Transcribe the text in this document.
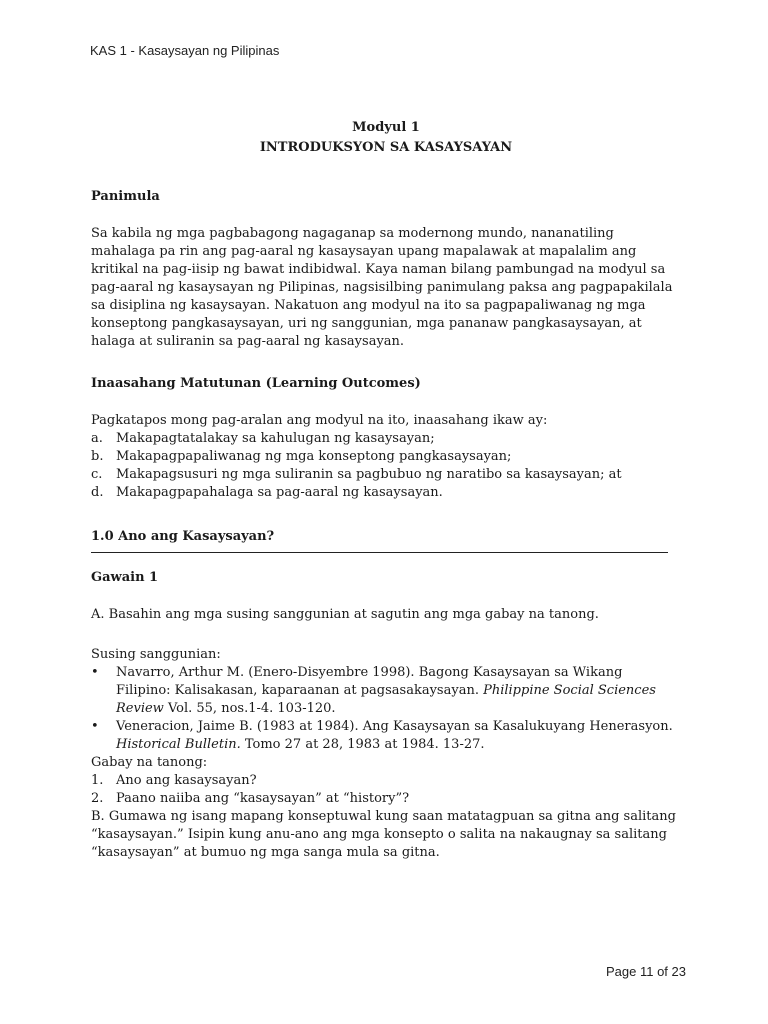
KAS 1 - Kasaysayan ng Pilipinas
Modyul 1
INTRODUKSYON SA KASAYSAYAN
Panimula

Sa kabila ng mga pagbabagong nagaganap sa modernong mundo, nananatiling mahalaga pa rin ang pag-aaral ng kasaysayan upang mapalawak at mapalalim ang kritikal na pag-iisip ng bawat indibidwal. Kaya naman bilang pambungad na modyul sa pag-aaral ng kasaysayan ng Pilipinas, nagsisilbing panimulang paksa ang pagpapakilala sa disiplina ng kasaysayan. Nakatuon ang modyul na ito sa pagpapaliwanag ng mga konseptong pangkasaysayan, uri ng sanggunian, mga pananaw pangkasaysayan, at halaga at suliranin sa pag-aaral ng kasaysayan.

Inaasahang Matutunan (Learning Outcomes)

Pagkatapos mong pag-aralan ang modyul na ito, inaasahang ikaw ay:

a.	Makapagtatalakay sa kahulugan ng kasaysayan;
b. Makapagpapaliwanag ng mga konseptong pangkasaysayan;
c.	Makapagsusuri ng mga suliranin sa pagbubuo ng naratibo sa kasaysayan; at
d. Makapagpapahalaga sa pag-aaral ng kasaysayan.
1.0 Ano ang Kasaysayan?
Gawain 1

A. Basahin ang mga susing sanggunian at sagutin ang mga gabay na tanong.

Susing sanggunian:

•	Navarro, Arthur M. (Enero-Disyembre 1998). Bagong Kasaysayan sa Wikang Filipino: Kalisakasan, kaparaanan at pagsasakaysayan. Philippine Social Sciences Review Vol. 55, nos.1-4. 103-120.
•	Veneracion, Jaime B. (1983 at 1984). Ang Kasaysayan sa Kasalukuyang Henerasyon. Historical Bulletin. Tomo 27 at 28, 1983 at 1984. 13-27.

Gabay na tanong:

1. Ano ang kasaysayan?
2. Paano naiiba ang “kasaysayan” at “history”?

B. Gumawa ng isang mapang konseptuwal kung saan matatagpuan sa gitna ang salitang “kasaysayan.” Isipin kung anu-ano ang mga konsepto o salita na nakaugnay sa salitang “kasaysayan” at bumuo ng mga sanga mula sa gitna.

Page 11 of 23
